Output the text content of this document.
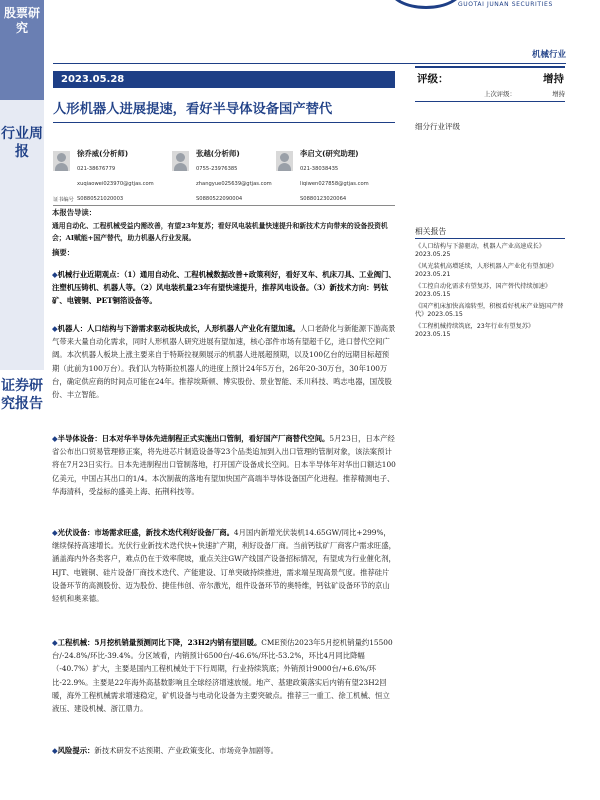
股票研究
行业周报
证券研究报告
GUOTAI JUNAN SECURITIES
机械行业
2023.05.28
人形机器人进展提速，看好半导体设备国产替代
徐乔威(分析师)
021-38676779
xuqiaowei023970@gtjas.com
S0880521020003
张越(分析师)
0755-23976385
zhangyue025639@gtjas.com
S0880522090004
李启文(研究助理)
021-38038435
liqiwen027858@gtjas.com
S0880123020064
证书编号
本报告导读：
通用自动化、工程机械受益内需改善，有望23年复苏；看好风电装机量快速提升和新技术方向带来的设备投资机会；AI赋能+国产替代，助力机器人行业发展。
摘要：
◆机械行业近期观点：（1）通用自动化、工程机械数据改善+政策利好，看好叉车、机床刀具、工业阀门、注塑机压铸机、机器人等。（2）风电装机量23年有望快速提升，推荐风电设备。（3）新技术方向：钙钛矿、电镀铜、PET铜箔设备等。
◆机器人：人口结构与下游需求驱动板块成长，人形机器人产业化有望加速。人口老龄化与新能源下游高景气带来大量自动化需求，同时人形机器人研究进展有望加速，核心部件市场有望超千亿，进口替代空间广阔。本次机器人板块上涨主要来自于特斯拉视频展示的机器人进展超预期，以及100亿台的远期目标超预期（此前为100万台）。我们认为特斯拉机器人的进度上预计24年5万台，26年20-30万台，30年100万台，确定供应商的时间点可能在24年。推荐埃斯顿、博实股份、景业智能、禾川科技、鸣志电器，国茂股份、丰立智能。
◆半导体设备：日本对华半导体先进制程正式实施出口管制，看好国产厂商替代空间。5月23日，日本产经省公布出口贸易管理修正案，将先进芯片制造设备等23个品类追加到入出口管理的管制对象，该法案预计将在7月23日实行。日本先进制程出口管制落地，打开国产设备成长空间。日本半导体年对华出口额达100亿美元，中国占其出口的1/4。本次制裁的落地有望加快国产高端半导体设备国产化进程。推荐精测电子、华海清科，受益标的盛美上海、拓荆科技等。
◆光伏设备：市场需求旺盛，新技术迭代利好设备厂商。4月国内新增光伏装机14.65GW/同比+299%，继续保持高速增长。光伏行业新技术迭代快+快速扩产期，利好设备厂商。当前钙钛矿厂商客户需求旺盛，涵盖海内外各类客户，难点仍在于效率爬坡，重点关注GW产线国产设备招标情况，有望成为行业催化剂，HJT、电镀铜、硅片设备厂商技术迭代、产能建设、订单突破持续推进，需求端呈现高景气度。推荐硅片设备环节的高测股份、迈为股份、捷佳伟创、帝尔激光，组件设备环节的奥特维，钙钛矿设备环节的京山轻机和奥来德。
◆工程机械：5月挖机销量预测同比下降，23H2内销有望回暖。CME预估2023年5月挖机销量约15500台/-24.8%/环比-39.4%。分区域看，内销预计6500台/-46.6%/环比-53.2%，环比4月同比降幅（-40.7%）扩大，主要是国内工程机械处于下行周期，行业持续筑底；外销预计9000台/+6.6%/环比-22.9%。主要是22年海外高基数影响且全球经济增速放缓。地产、基建政策落实后内销有望23H2回暖，海外工程机械需求增速稳定，矿机设备与电动化设备为主要突破点。推荐三一重工、徐工机械、恒立液压、建设机械、浙江鼎力。
◆风险提示：新技术研发不达预期、产业政策变化、市场竞争加剧等。
评级：	增持
上次评级：	增持
细分行业评级
相关报告
《人口结构与下游驱动，机器人产业高速成长》2023.05.25
《风光装机高增延续，人形机器人产业化有望加速》2023.05.21
《工控自动化需求有望复苏，国产替代持续加速》2023.05.15
《国产机床加快高端转型，积极看好机床产业链国产替代》2023.05.15
《工程机械持续筑底，23年行业有望复苏》2023.05.15
